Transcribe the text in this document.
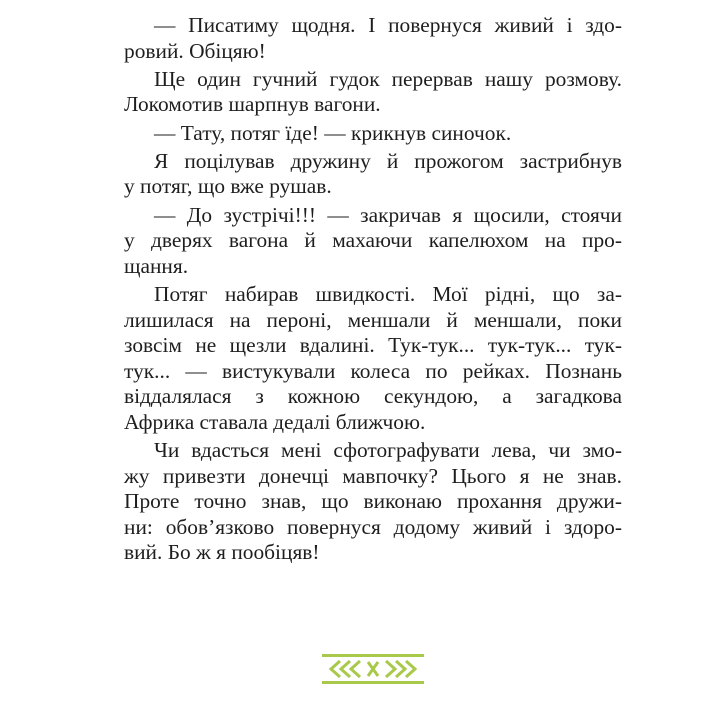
— Писатиму щодня. І повернуся живий і здо-
ровий. Обіцяю!
Ще один гучний гудок перервав нашу розмову.
Локомотив шарпнув вагони.
— Тату, потяг їде! — крикнув синочок.
Я поцілував дружину й прожогом застрибнув
у потяг, що вже рушав.
— До зустрічі!!! — закричав я щосили, стоячи
у дверях вагона й махаючи капелюхом на про-
щання.
Потяг набирав швидкості. Мої рідні, що за-
лишилася на пероні, меншали й меншали, поки
зовсім не щезли вдалині. Тук-тук... тук-тук... тук-
тук... — вистукували колеса по рейках. Познань
віддалялася з кожною секундою, а загадкова
Африка ставала дедалі ближчою.
Чи вдасться мені сфотографувати лева, чи змо-
жу привезти донечці мавпочку? Цього я не знав.
Проте точно знав, що виконаю прохання дружи-
ни: обов’язково повернуся додому живий і здоро-
вий. Бо ж я пообіцяв!
